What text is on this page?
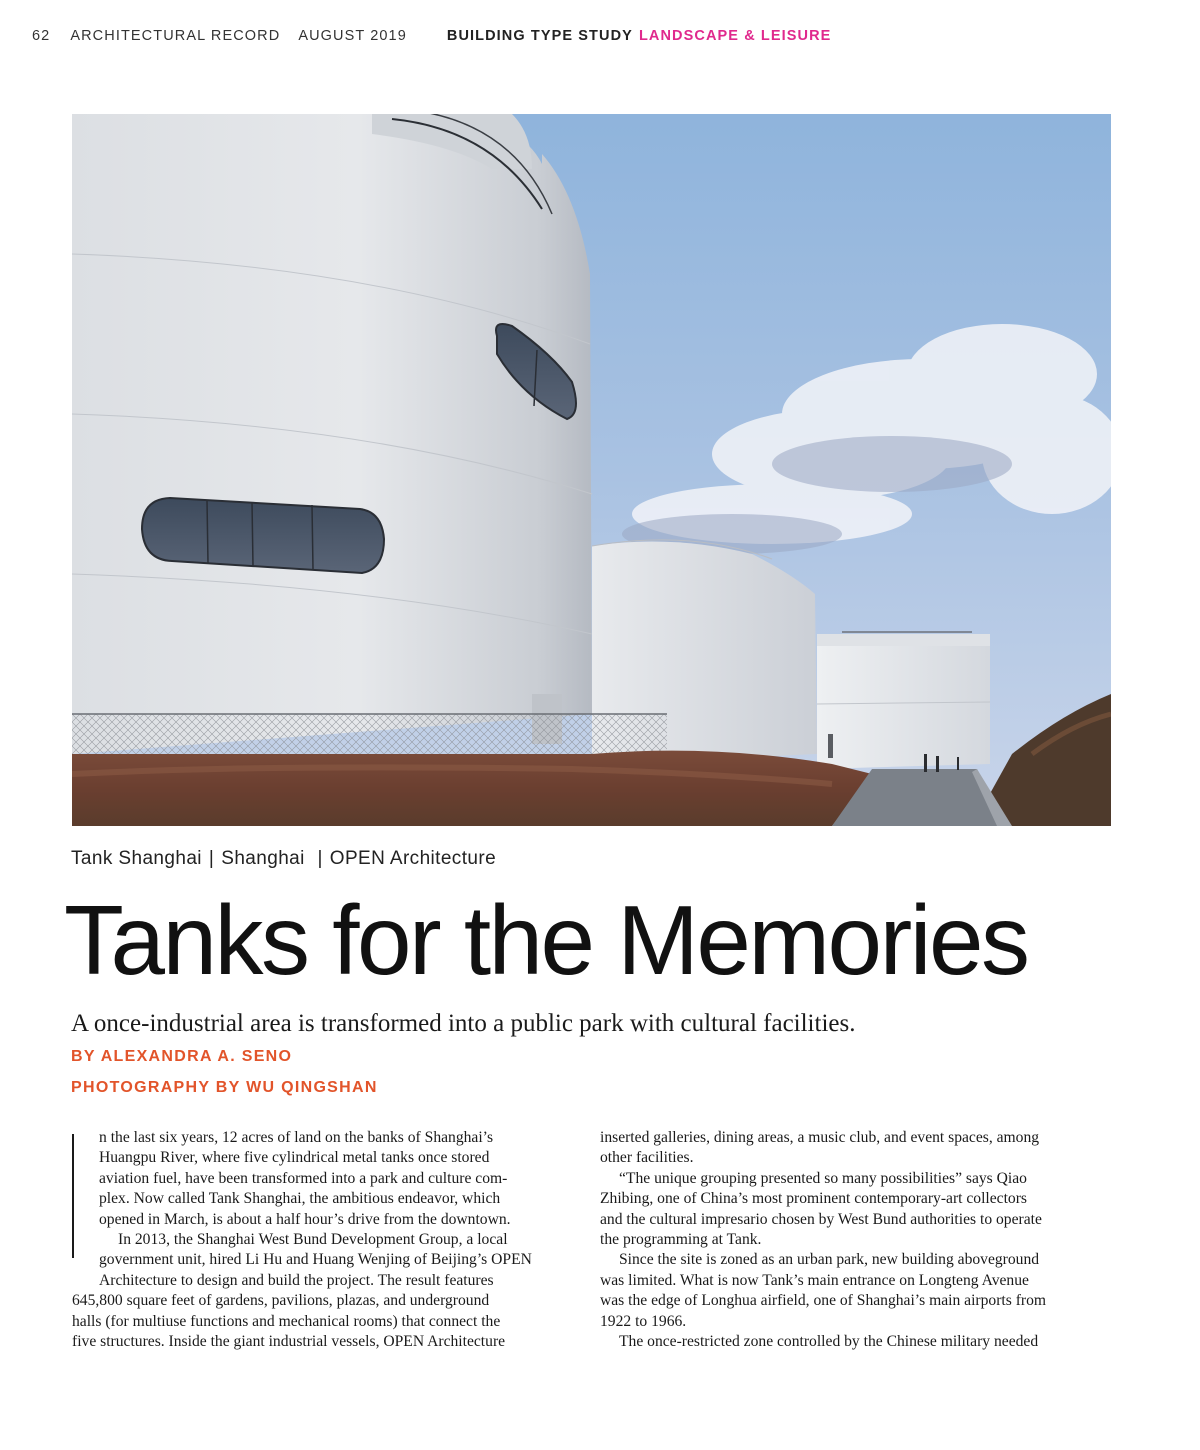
62 ARCHITECTURAL RECORD AUGUST 2019	BUILDING TYPE STUDY LANDSCAPE & LEISURE
Tank Shanghai | Shanghai | OPEN Architecture
Tanks for the Memories

A once-industrial area is transformed into a public park with cultural facilities.

BY ALEXANDRA A. SENO
PHOTOGRAPHY BY WU QINGSHAN

n the last six years, 12 acres of land on the banks of Shanghai’s
Huangpu River, where five cylindrical metal tanks once stored
aviation fuel, have been transformed into a park and culture com-
plex. Now called Tank Shanghai, the ambitious endeavor, which
opened in March, is about a half hour’s drive from the downtown.

In 2013, the Shanghai West Bund Development Group, a local
government unit, hired Li Hu and Huang Wenjing of Beijing’s OPEN
Architecture to design and build the project. The result features
645,800 square feet of gardens, pavilions, plazas, and underground
halls (for multiuse functions and mechanical rooms) that connect the
five structures. Inside the giant industrial vessels, OPEN Architecture

inserted galleries, dining areas, a music club, and event spaces, among
other facilities.

“The unique grouping presented so many possibilities” says Qiao
Zhibing, one of China’s most prominent contemporary-art collectors
and the cultural impresario chosen by West Bund authorities to operate
the programming at Tank.

Since the site is zoned as an urban park, new building aboveground
was limited. What is now Tank’s main entrance on Longteng Avenue
was the edge of Longhua airfield, one of Shanghai’s main airports from
1922 to 1966.

The once-restricted zone controlled by the Chinese military needed
